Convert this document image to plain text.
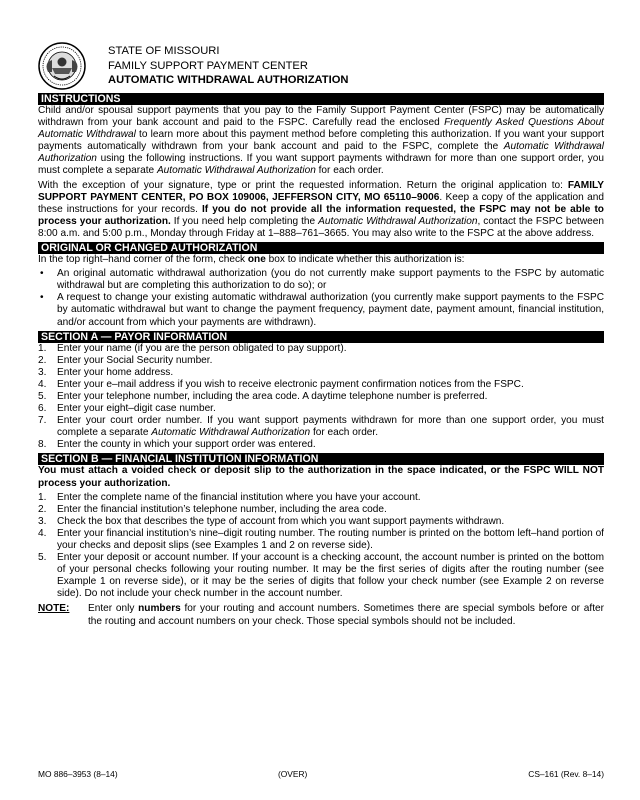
STATE OF MISSOURI
FAMILY SUPPORT PAYMENT CENTER
AUTOMATIC WITHDRAWAL AUTHORIZATION
INSTRUCTIONS

Child and/or spousal support payments that you pay to the Family Support Payment Center (FSPC) may be automatically withdrawn from your bank account and paid to the FSPC. Carefully read the enclosed Frequently Asked Questions About Automatic Withdrawal to learn more about this payment method before completing this authorization. If you want your support payments automatically withdrawn from your bank account and paid to the FSPC, complete the Automatic Withdrawal Authorization using the following instructions. If you want support payments withdrawn for more than one support order, you must complete a separate Automatic Withdrawal Authorization for each order.

With the exception of your signature, type or print the requested information. Return the original application to: FAMILY SUPPORT PAYMENT CENTER, PO BOX 109006, JEFFERSON CITY, MO 65110–9006. Keep a copy of the application and these instructions for your records. If you do not provide all the information requested, the FSPC may not be able to process your authorization. If you need help completing the Automatic Withdrawal Authorization, contact the FSPC between 8:00 a.m. and 5:00 p.m., Monday through Friday at 1–888–761–3665. You may also write to the FSPC at the above address.

ORIGINAL OR CHANGED AUTHORIZATION

In the top right–hand corner of the form, check one box to indicate whether this authorization is:

• An original automatic withdrawal authorization (you do not currently make support payments to the FSPC by automatic withdrawal but are completing this authorization to do so); or
• A request to change your existing automatic withdrawal authorization (you currently make support payments to the FSPC by automatic withdrawal but want to change the payment frequency, payment date, payment amount, financial institution, and/or account from which your payments are withdrawn).
SECTION A — PAYOR INFORMATION
1. Enter your name (if you are the person obligated to pay support).
2. Enter your Social Security number.
3. Enter your home address.
4. Enter your e–mail address if you wish to receive electronic payment confirmation notices from the FSPC.
5. Enter your telephone number, including the area code. A daytime telephone number is preferred.
6. Enter your eight–digit case number.
7. Enter your court order number. If you want support payments withdrawn for more than one support order, you must complete a separate Automatic Withdrawal Authorization for each order.
8. Enter the county in which your support order was entered.
SECTION B — FINANCIAL INSTITUTION INFORMATION

You must attach a voided check or deposit slip to the authorization in the space indicated, or the FSPC WILL NOT process your authorization.

1. Enter the complete name of the financial institution where you have your account.
2. Enter the financial institution’s telephone number, including the area code.
3. Check the box that describes the type of account from which you want support payments withdrawn.
4. Enter your financial institution’s nine–digit routing number. The routing number is printed on the bottom left–hand portion of your checks and deposit slips (see Examples 1 and 2 on reverse side).
5. Enter your deposit or account number. If your account is a checking account, the account number is printed on the bottom of your personal checks following your routing number. It may be the first series of digits after the routing number (see Example 1 on reverse side), or it may be the series of digits that follow your check number (see Example 2 on reverse side). Do not include your check number in the account number.
NOTE: Enter only numbers for your routing and account numbers. Sometimes there are special symbols before or after the routing and account numbers on your check. Those special symbols should not be included.
MO 886–3953 (8–14)	(OVER)	CS–161 (Rev. 8–14)
